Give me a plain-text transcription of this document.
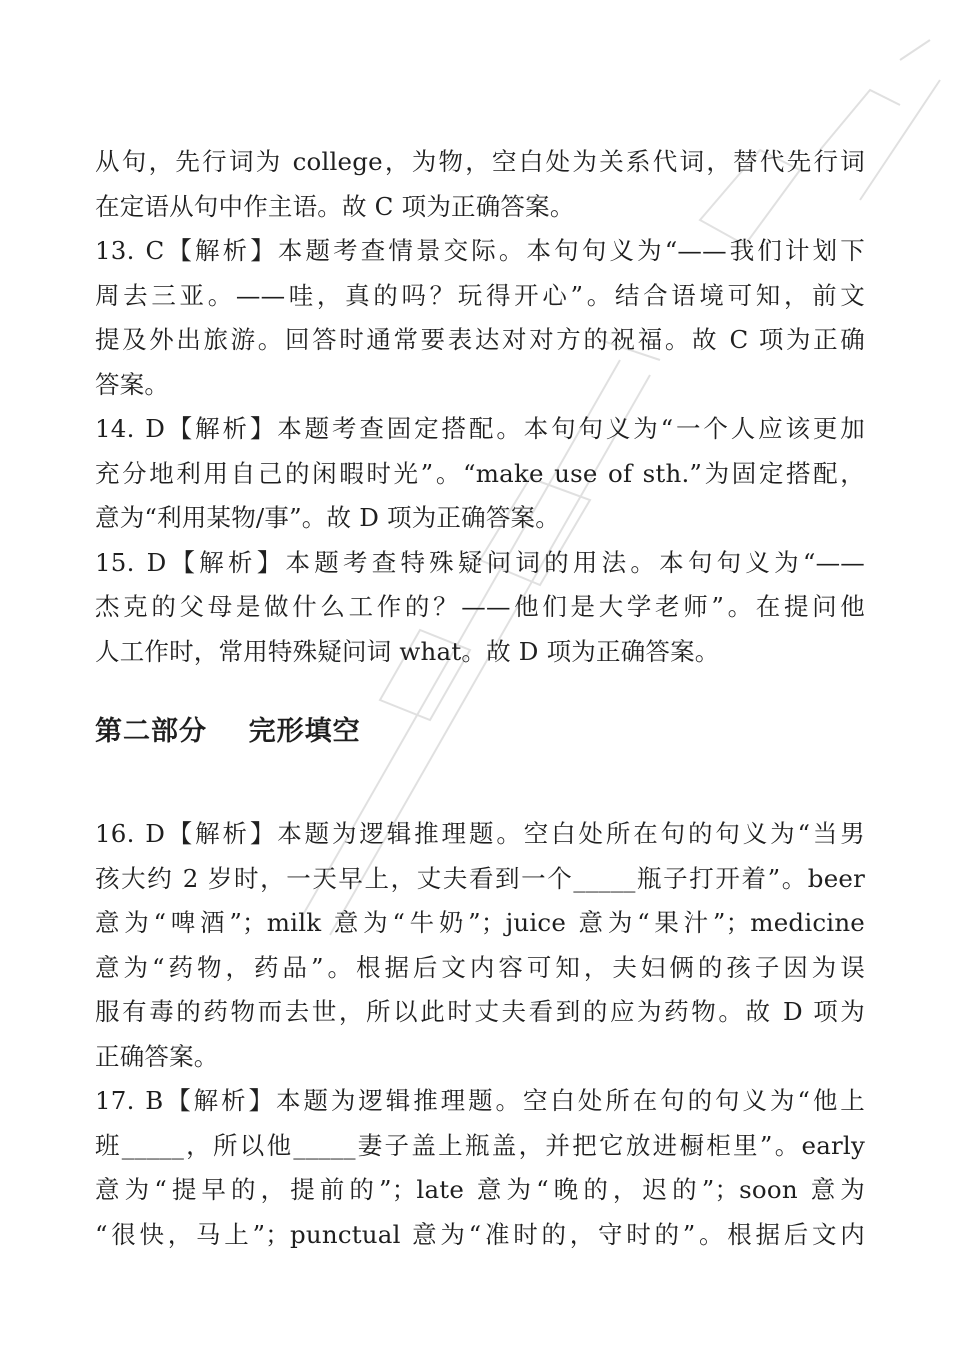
从句，先行词为 college，为物，空白处为关系代词，替代先行词
在定语从句中作主语。故 C 项为正确答案。
13. C【解析】本题考查情景交际。本句句义为“——我们计划下
周去三亚。——哇，真的吗？玩得开心”。结合语境可知，前文
提及外出旅游。回答时通常要表达对对方的祝福。故 C 项为正确
答案。
14. D【解析】本题考查固定搭配。本句句义为“一个人应该更加
充分地利用自己的闲暇时光”。“make use of sth.”为固定搭配，
意为“利用某物/事”。故 D 项为正确答案。
15. D【解析】本题考查特殊疑问词的用法。本句句义为“——
杰克的父母是做什么工作的？——他们是大学老师”。在提问他
人工作时，常用特殊疑问词 what。故 D 项为正确答案。
第二部分    完形填空
16. D【解析】本题为逻辑推理题。空白处所在句的句义为“当男
孩大约 2 岁时，一天早上，丈夫看到一个_____瓶子打开着”。beer
意为“啤酒”；milk 意为“牛奶”；juice 意为“果汁”；medicine
意为“药物，药品”。根据后文内容可知，夫妇俩的孩子因为误
服有毒的药物而去世，所以此时丈夫看到的应为药物。故 D 项为
正确答案。
17. B【解析】本题为逻辑推理题。空白处所在句的句义为“他上
班_____，所以他_____妻子盖上瓶盖，并把它放进橱柜里”。early
意为“提早的，提前的”；late 意为“晚的，迟的”；soon 意为
“很快，马上”；punctual 意为“准时的，守时的”。根据后文内
